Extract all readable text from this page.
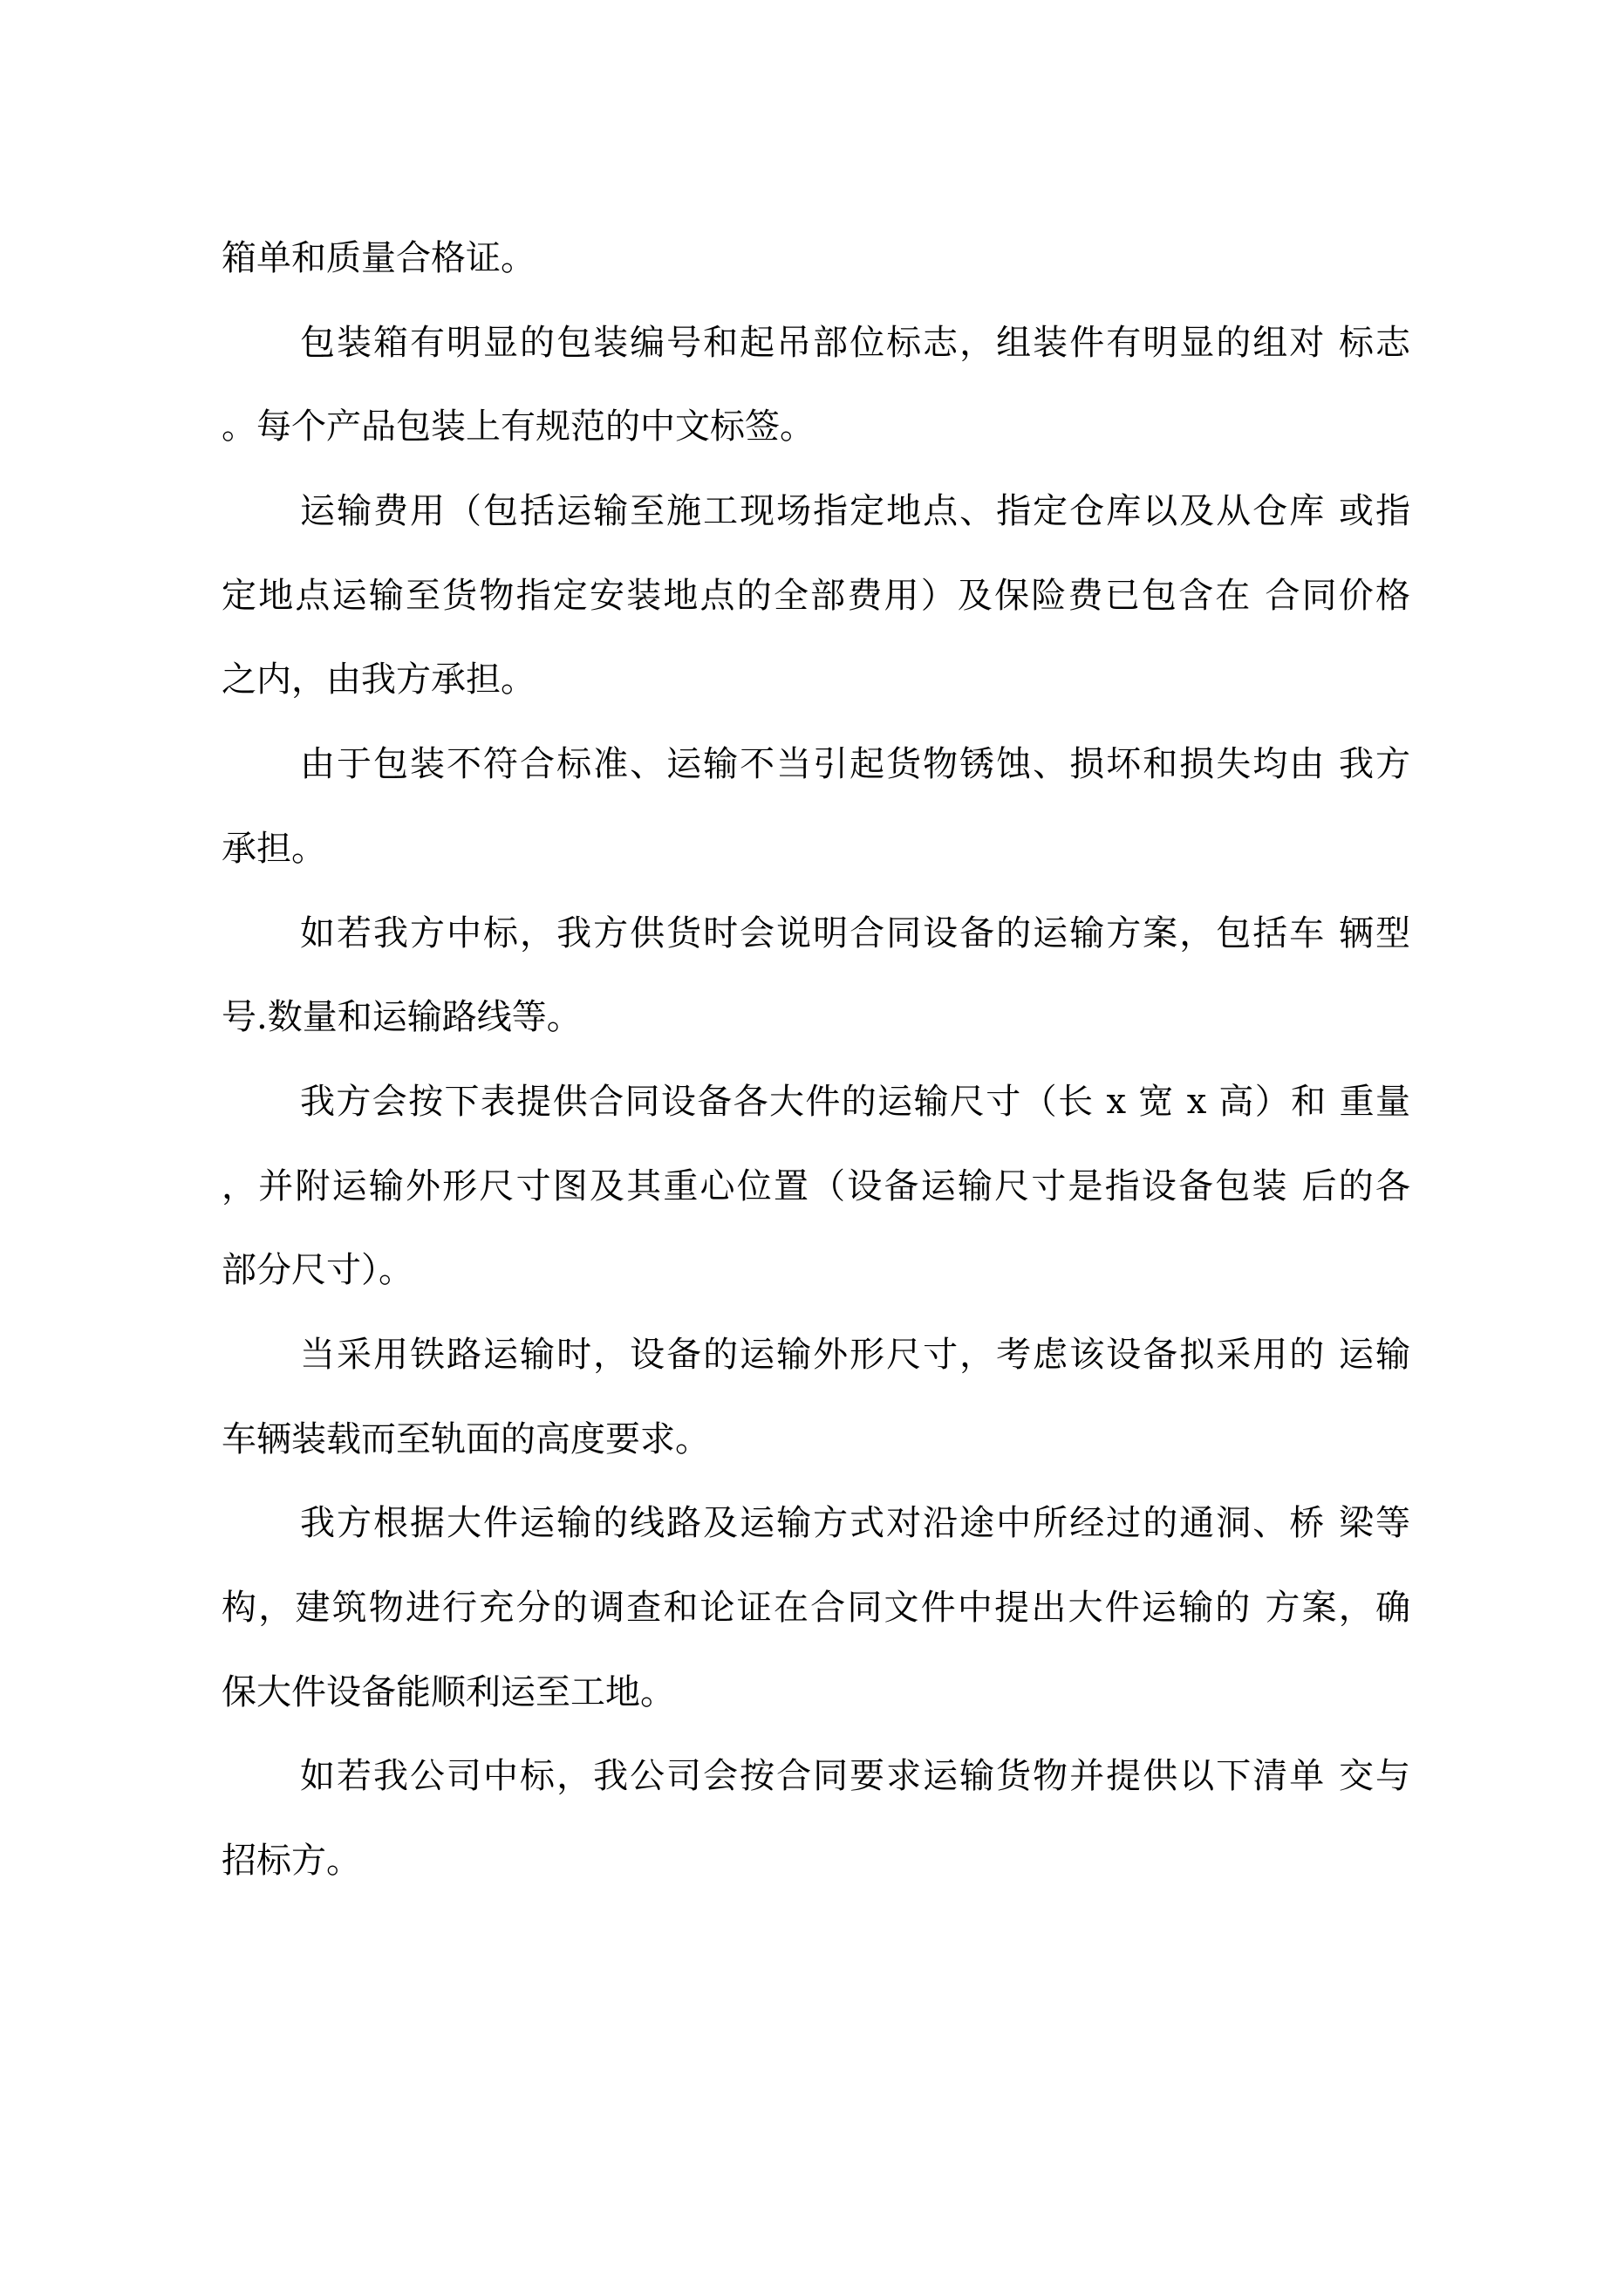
箱单和质量合格证。
包装箱有明显的包装编号和起吊部位标志，组装件有明显的组对 标志
。每个产品包装上有规范的中文标签。
运输费用（包括运输至施工现场指定地点、指定仓库以及从仓库 或指
定地点运输至货物指定安装地点的全部费用）及保险费已包含在 合同价格
之内，由我方承担。
由于包装不符合标准、运输不当引起货物锈蚀、损坏和损失均由 我方
承担。
如若我方中标，我方供货时会说明合同设备的运输方案，包括车 辆型
号.数量和运输路线等。
我方会按下表提供合同设备各大件的运输尺寸（长 x 宽 x 高）和 重量
，并附运输外形尺寸图及其重心位置（设备运输尺寸是指设备包装 后的各
部分尺寸）。
当采用铁路运输时，设备的运输外形尺寸，考虑该设备拟采用的 运输
车辆装载而至轨面的高度要求。
我方根据大件运输的线路及运输方式对沿途中所经过的通洞、桥 梁等
构，建筑物进行充分的调查和论证在合同文件中提出大件运输的 方案，确
保大件设备能顺利运至工地。
如若我公司中标，我公司会按合同要求运输货物并提供以下清单 交与
招标方。
